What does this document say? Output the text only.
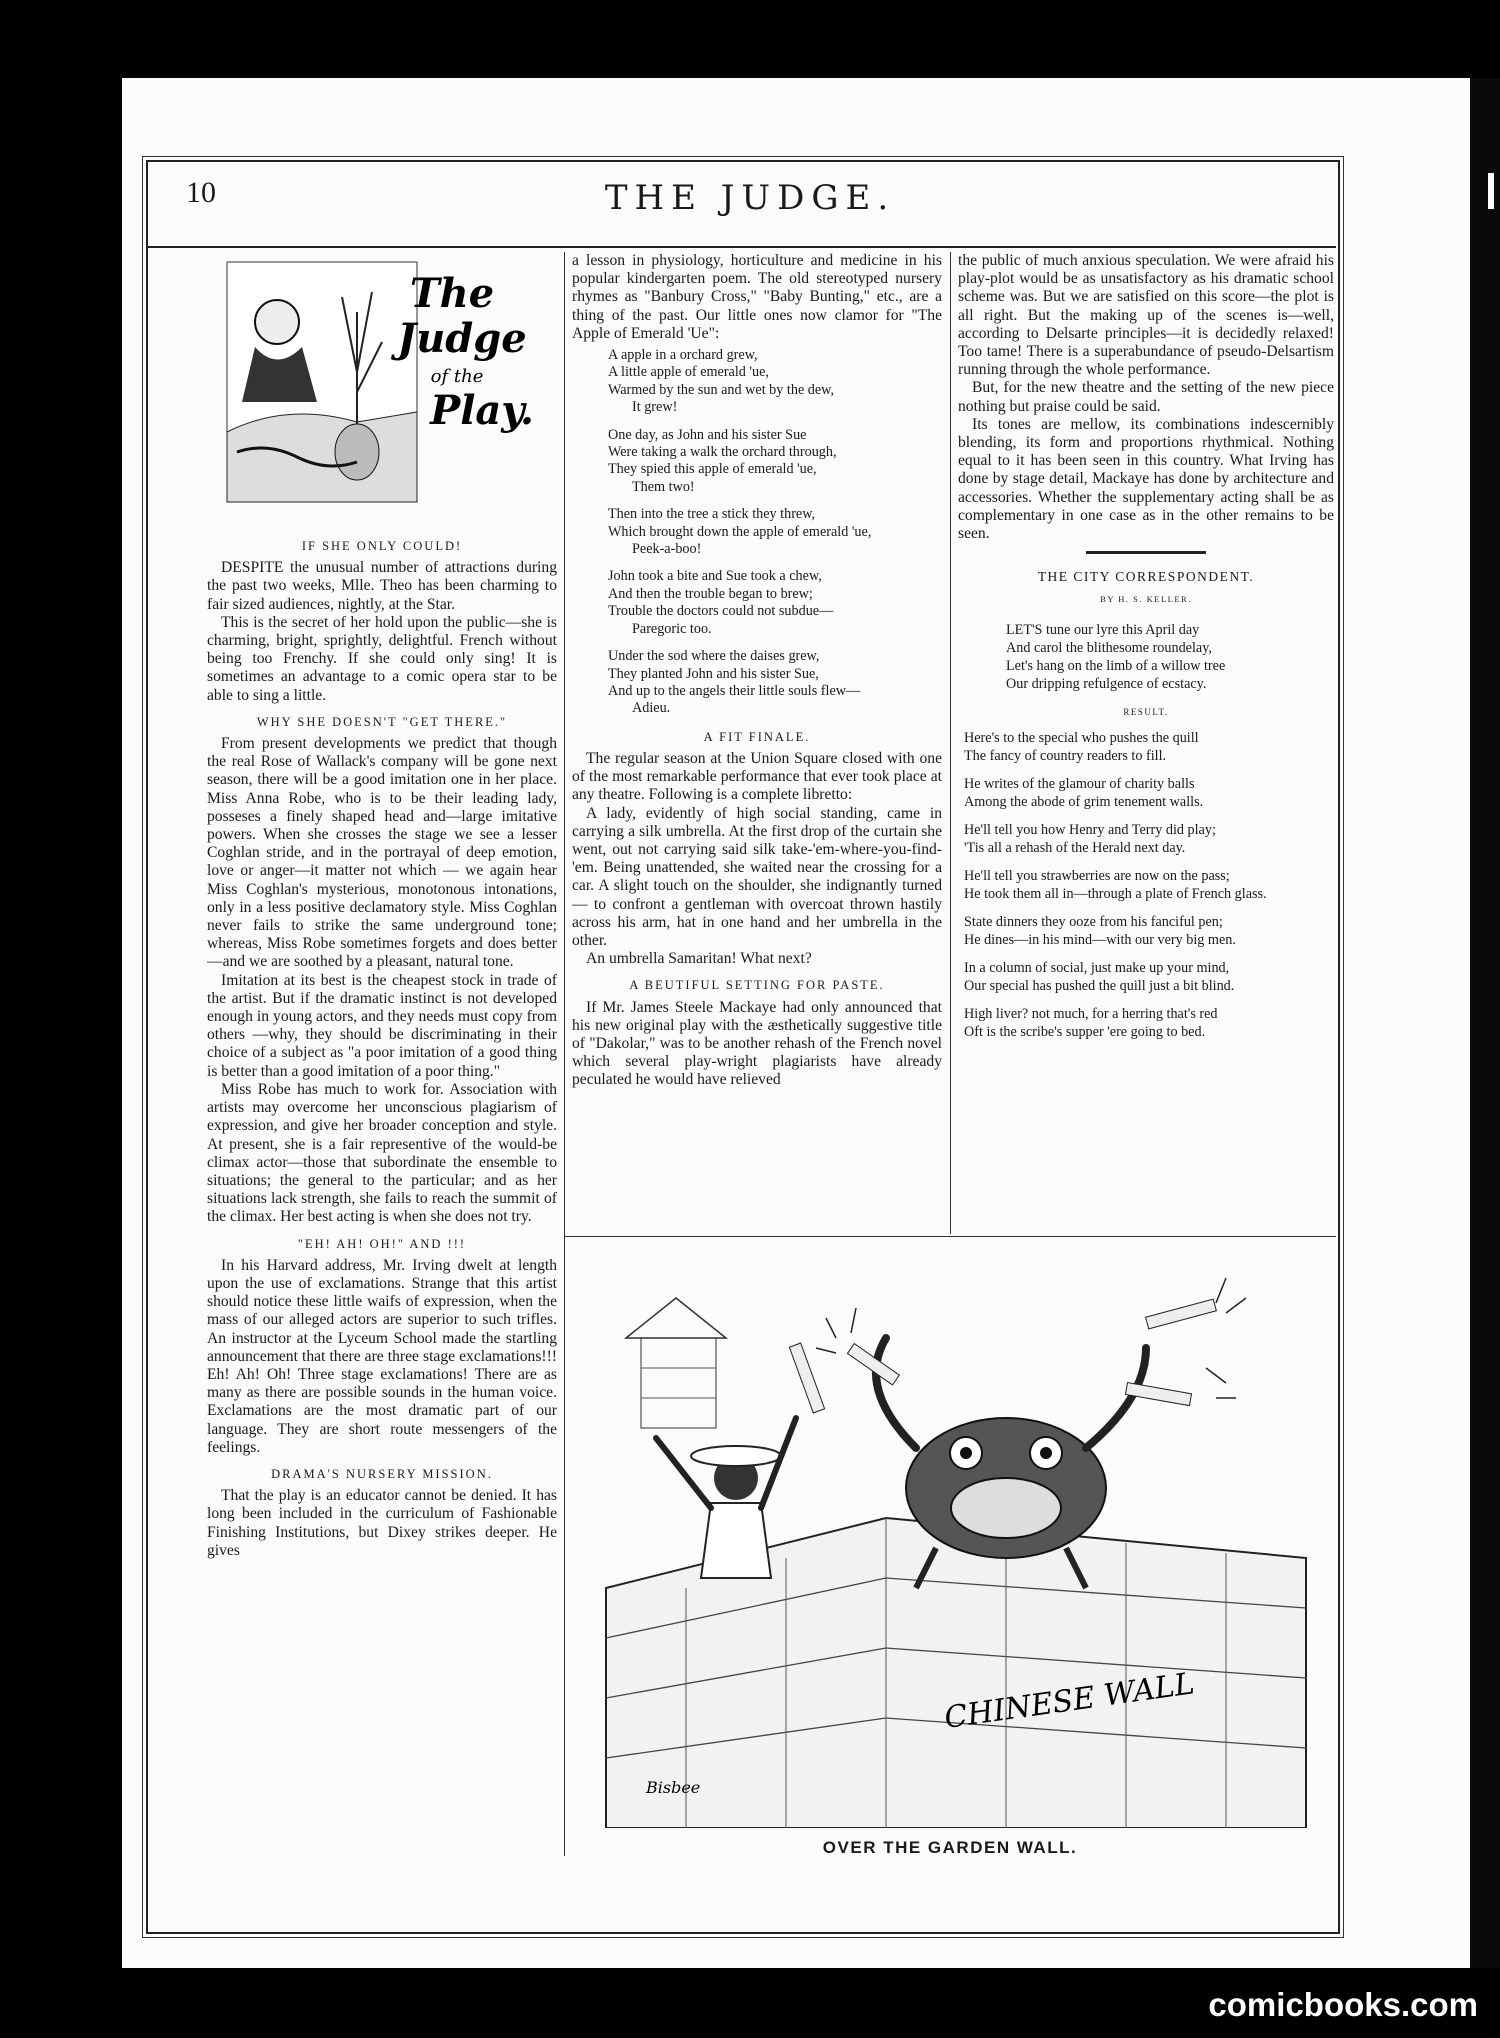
10	THE JUDGE.
The
Judge
of the
Play.
IF SHE ONLY COULD!

DESPITE the unusual number of attractions during the past two weeks, Mlle. Theo has been charming to fair sized audiences, nightly, at the Star.

This is the secret of her hold upon the public—she is charming, bright, sprightly, delightful. French without being too Frenchy. If she could only sing! It is sometimes an advantage to a comic opera star to be able to sing a little.

WHY SHE DOESN'T "GET THERE."

From present developments we predict that though the real Rose of Wallack's company will be gone next season, there will be a good imitation one in her place. Miss Anna Robe, who is to be their leading lady, posseses a finely shaped head and—large imitative powers. When she crosses the stage we see a lesser Coghlan stride, and in the portrayal of deep emotion, love or anger—it matter not which — we again hear Miss Coghlan's mysterious, monotonous intonations, only in a less positive declamatory style. Miss Coghlan never fails to strike the same underground tone; whereas, Miss Robe sometimes forgets and does better—and we are soothed by a pleasant, natural tone.

Imitation at its best is the cheapest stock in trade of the artist. But if the dramatic instinct is not developed enough in young actors, and they needs must copy from others —why, they should be discriminating in their choice of a subject as "a poor imitation of a good thing is better than a good imitation of a poor thing."

Miss Robe has much to work for. Association with artists may overcome her unconscious plagiarism of expression, and give her broader conception and style. At present, she is a fair representive of the would-be climax actor—those that subordinate the ensemble to situations; the general to the particular; and as her situations lack strength, she fails to reach the summit of the climax. Her best acting is when she does not try.

"EH! AH! OH!" AND !!!

In his Harvard address, Mr. Irving dwelt at length upon the use of exclamations. Strange that this artist should notice these little waifs of expression, when the mass of our alleged actors are superior to such trifles. An instructor at the Lyceum School made the startling announcement that there are three stage exclamations!!! Eh! Ah! Oh! Three stage exclamations! There are as many as there are possible sounds in the human voice. Exclamations are the most dramatic part of our language. They are short route messengers of the feelings.

DRAMA'S NURSERY MISSION.

That the play is an educator cannot be denied. It has long been included in the curriculum of Fashionable Finishing Institutions, but Dixey strikes deeper. He gives

a lesson in physiology, horticulture and medicine in his popular kindergarten poem. The old stereotyped nursery rhymes as "Banbury Cross," "Baby Bunting," etc., are a thing of the past. Our little ones now clamor for "The Apple of Emerald 'Ue":

A apple in a orchard grew,
A little apple of emerald 'ue,
Warmed by the sun and wet by the dew,
It grew!
One day, as John and his sister Sue
Were taking a walk the orchard through,
They spied this apple of emerald 'ue,
Them two!
Then into the tree a stick they threw,
Which brought down the apple of emerald 'ue,
Peek-a-boo!
John took a bite and Sue took a chew,
And then the trouble began to brew;
Trouble the doctors could not subdue—
Paregoric too.
Under the sod where the daises grew,
They planted John and his sister Sue,
And up to the angels their little souls flew—
Adieu.
A FIT FINALE.

The regular season at the Union Square closed with one of the most remarkable performance that ever took place at any theatre. Following is a complete libretto:

A lady, evidently of high social standing, came in carrying a silk umbrella. At the first drop of the curtain she went, out not carrying said silk take-'em-where-you-find-'em. Being unattended, she waited near the crossing for a car. A slight touch on the shoulder, she indignantly turned — to confront a gentleman with overcoat thrown hastily across his arm, hat in one hand and her umbrella in the other.

An umbrella Samaritan! What next?

A BEUTIFUL SETTING FOR PASTE.

If Mr. James Steele Mackaye had only announced that his new original play with the æsthetically suggestive title of "Dakolar," was to be another rehash of the French novel which several play-wright plagiarists have already peculated he would have relieved

the public of much anxious speculation. We were afraid his play-plot would be as unsatisfactory as his dramatic school scheme was. But we are satisfied on this score—the plot is all right. But the making up of the scenes is—well, according to Delsarte principles—it is decidedly relaxed! Too tame! There is a superabundance of pseudo-Delsartism running through the whole performance.

But, for the new theatre and the setting of the new piece nothing but praise could be said.

Its tones are mellow, its combinations indescernibly blending, its form and proportions rhythmical. Nothing equal to it has been seen in this country. What Irving has done by stage detail, Mackaye has done by architecture and accessories. Whether the supplementary acting shall be as complementary in one case as in the other remains to be seen.

THE CITY CORRESPONDENT.
BY H. S. KELLER.
LET'S tune our lyre this April day
And carol the blithesome roundelay,
Let's hang on the limb of a willow tree
Our dripping refulgence of ecstacy.
RESULT.
Here's to the special who pushes the quill
The fancy of country readers to fill.
He writes of the glamour of charity balls
Among the abode of grim tenement walls.
He'll tell you how Henry and Terry did play;
'Tis all a rehash of the Herald next day.
He'll tell you strawberries are now on the pass;
He took them all in—through a plate of French glass.
State dinners they ooze from his fanciful pen;
He dines—in his mind—with our very big men.
In a column of social, just make up your mind,
Our special has pushed the quill just a bit blind.
High liver? not much, for a herring that's red
Oft is the scribe's supper 'ere going to bed.
CHINESE WALL
Bisbee
OVER THE GARDEN WALL.
comicbooks.com
